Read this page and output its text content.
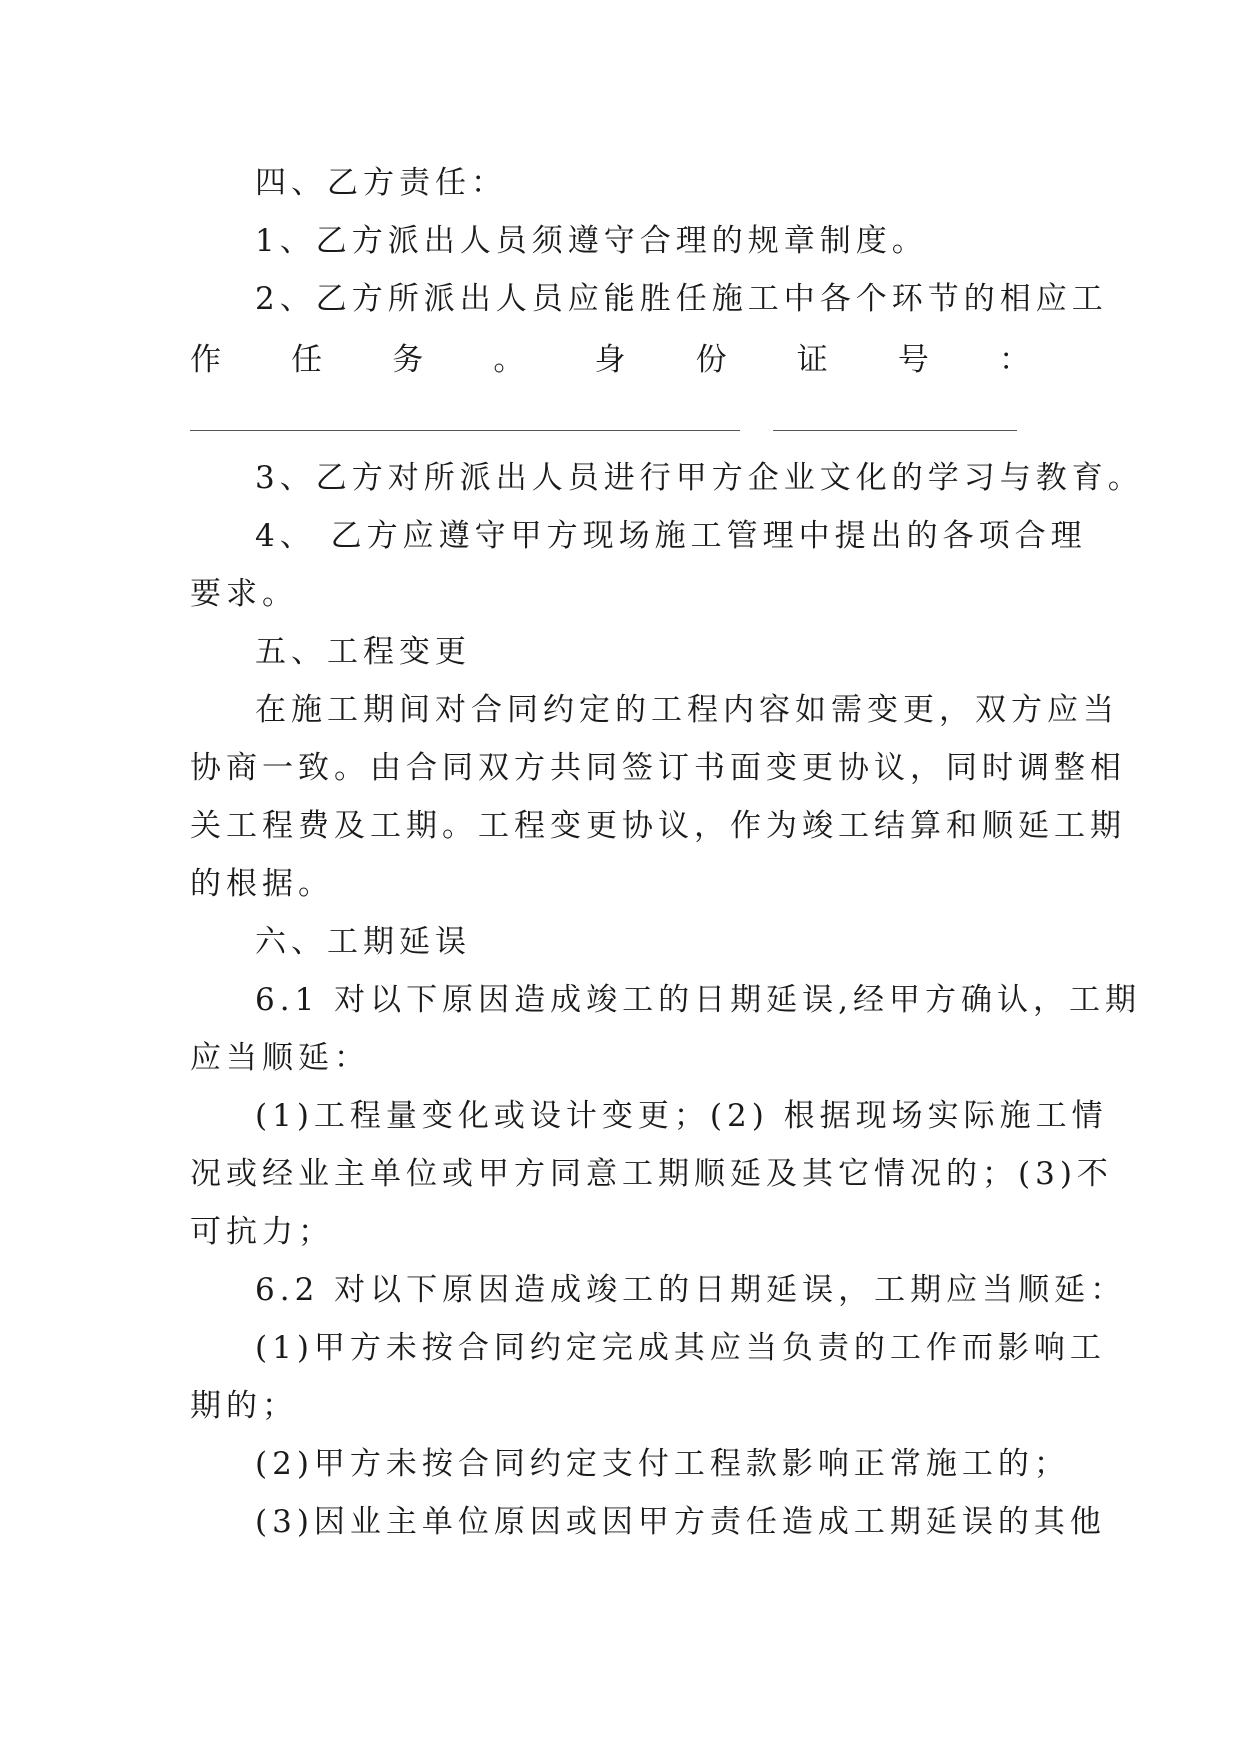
四、乙方责任：
1、乙方派出人员须遵守合理的规章制度。
2、乙方所派出人员应能胜任施工中各个环节的相应工
作 任 务 。 身 份 证 号 ：
3、乙方对所派出人员进行甲方企业文化的学习与教育。
4、 乙方应遵守甲方现场施工管理中提出的各项合理
要求。
五、工程变更
在施工期间对合同约定的工程内容如需变更，双方应当
协商一致。由合同双方共同签订书面变更协议，同时调整相
关工程费及工期。工程变更协议，作为竣工结算和顺延工期
的根据。
六、工期延误
6.1 对以下原因造成竣工的日期延误,经甲方确认，工期
应当顺延：
(1)工程量变化或设计变更；(2) 根据现场实际施工情
况或经业主单位或甲方同意工期顺延及其它情况的；(3)不
可抗力；
6.2 对以下原因造成竣工的日期延误，工期应当顺延：
(1)甲方未按合同约定完成其应当负责的工作而影响工
期的；
(2)甲方未按合同约定支付工程款影响正常施工的；
(3)因业主单位原因或因甲方责任造成工期延误的其他
